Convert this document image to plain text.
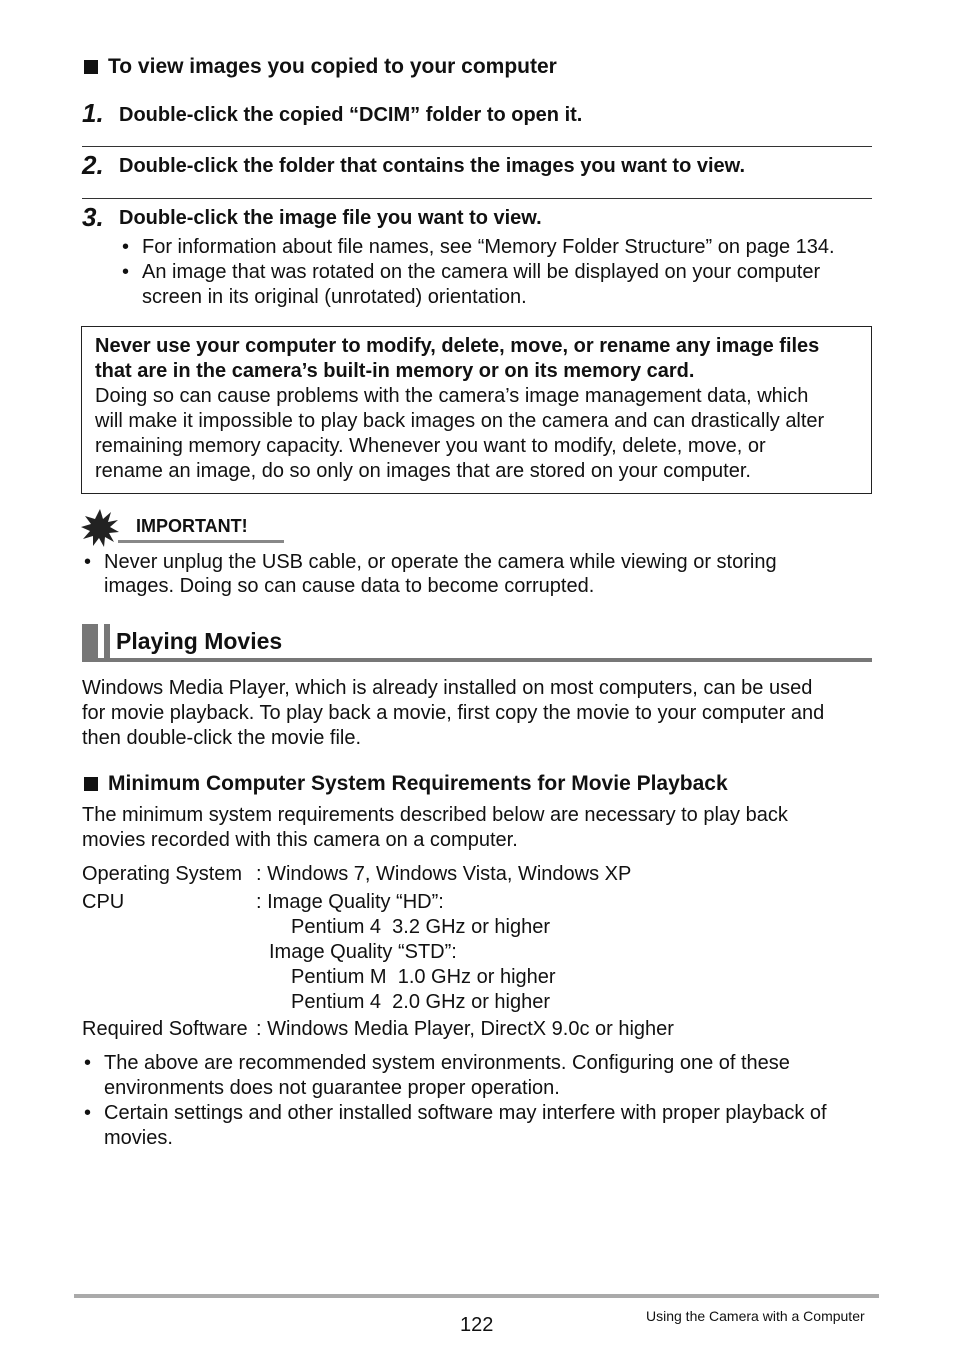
To view images you copied to your computer
1. Double-click the copied “DCIM” folder to open it.
2. Double-click the folder that contains the images you want to view.
3. Double-click the image file you want to view.
• For information about file names, see “Memory Folder Structure” on page 134.
• An image that was rotated on the camera will be displayed on your computer
screen in its original (unrotated) orientation.
Never use your computer to modify, delete, move, or rename any image files
that are in the camera’s built-in memory or on its memory card.
Doing so can cause problems with the camera’s image management data, which
will make it impossible to play back images on the camera and can drastically alter
remaining memory capacity. Whenever you want to modify, delete, move, or
rename an image, do so only on images that are stored on your computer.
IMPORTANT!
• Never unplug the USB cable, or operate the camera while viewing or storing
images. Doing so can cause data to become corrupted.
Playing Movies
Windows Media Player, which is already installed on most computers, can be used
for movie playback. To play back a movie, first copy the movie to your computer and
then double-click the movie file.
Minimum Computer System Requirements for Movie Playback
The minimum system requirements described below are necessary to play back
movies recorded with this camera on a computer.
Operating System : Windows 7, Windows Vista, Windows XP
CPU	: Image Quality “HD”:
Pentium 4  3.2 GHz or higher
Image Quality “STD”:
Pentium M  1.0 GHz or higher
Pentium 4  2.0 GHz or higher
Required Software : Windows Media Player, DirectX 9.0c or higher
• The above are recommended system environments. Configuring one of these
environments does not guarantee proper operation.
• Certain settings and other installed software may interfere with proper playback of
movies.
122	Using the Camera with a Computer
